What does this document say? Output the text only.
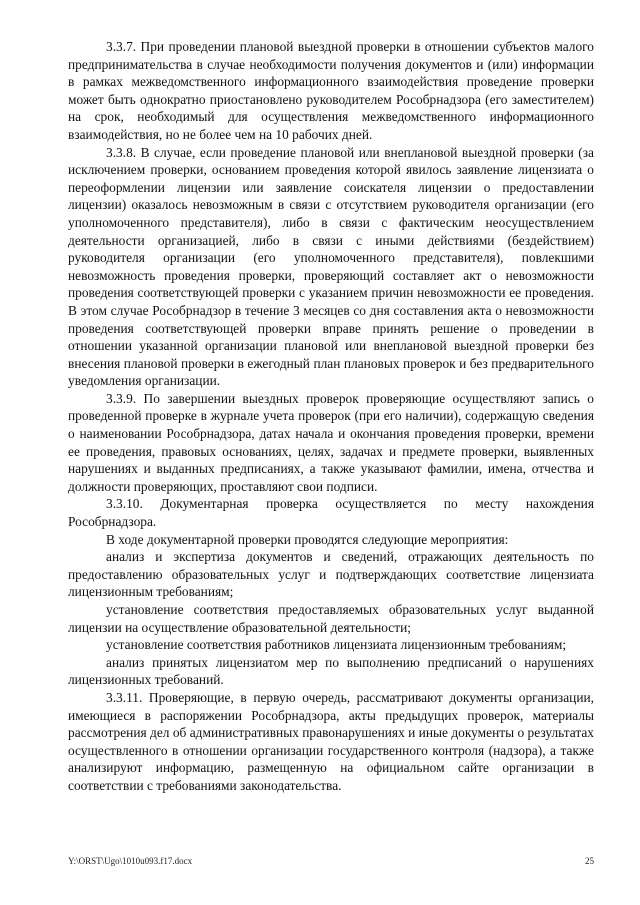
3.3.7. При проведении плановой выездной проверки в отношении субъектов малого предпринимательства в случае необходимости получения документов и (или) информации в рамках межведомственного информационного взаимодействия проведение проверки может быть однократно приостановлено руководителем Рособрнадзора (его заместителем) на срок, необходимый для осуществления межведомственного информационного взаимодействия, но не более чем на 10 рабочих дней.

3.3.8. В случае, если проведение плановой или внеплановой выездной проверки (за исключением проверки, основанием проведения которой явилось заявление лицензиата о переоформлении лицензии или заявление соискателя лицензии о предоставлении лицензии) оказалось невозможным в связи с отсутствием руководителя организации (его уполномоченного представителя), либо в связи с фактическим неосуществлением деятельности организацией, либо в связи с иными действиями (бездействием) руководителя организации (его уполномоченного представителя), повлекшими невозможность проведения проверки, проверяющий составляет акт о невозможности проведения соответствующей проверки с указанием причин невозможности ее проведения. В этом случае Рособрнадзор в течение 3 месяцев со дня составления акта о невозможности проведения соответствующей проверки вправе принять решение о проведении в отношении указанной организации плановой или внеплановой выездной проверки без внесения плановой проверки в ежегодный план плановых проверок и без предварительного уведомления организации.

3.3.9. По завершении выездных проверок проверяющие осуществляют запись о проведенной проверке в журнале учета проверок (при его наличии), содержащую сведения о наименовании Рособрнадзора, датах начала и окончания проведения проверки, времени ее проведения, правовых основаниях, целях, задачах и предмете проверки, выявленных нарушениях и выданных предписаниях, а также указывают фамилии, имена, отчества и должности проверяющих, проставляют свои подписи.

3.3.10. Документарная проверка осуществляется по месту нахождения Рособрнадзора.

В ходе документарной проверки проводятся следующие мероприятия:

анализ и экспертиза документов и сведений, отражающих деятельность по предоставлению образовательных услуг и подтверждающих соответствие лицензиата лицензионным требованиям;

установление соответствия предоставляемых образовательных услуг выданной лицензии на осуществление образовательной деятельности;

установление соответствия работников лицензиата лицензионным требованиям;

анализ принятых лицензиатом мер по выполнению предписаний о нарушениях лицензионных требований.

3.3.11. Проверяющие, в первую очередь, рассматривают документы организации, имеющиеся в распоряжении Рособрнадзора, акты предыдущих проверок, материалы рассмотрения дел об административных правонарушениях и иные документы о результатах осуществленного в отношении организации государственного контроля (надзора), а также анализируют информацию, размещенную на официальном сайте организации в соответствии с требованиями законодательства.

Y:\ORST\Ugo\1010u093.f17.docx	25
